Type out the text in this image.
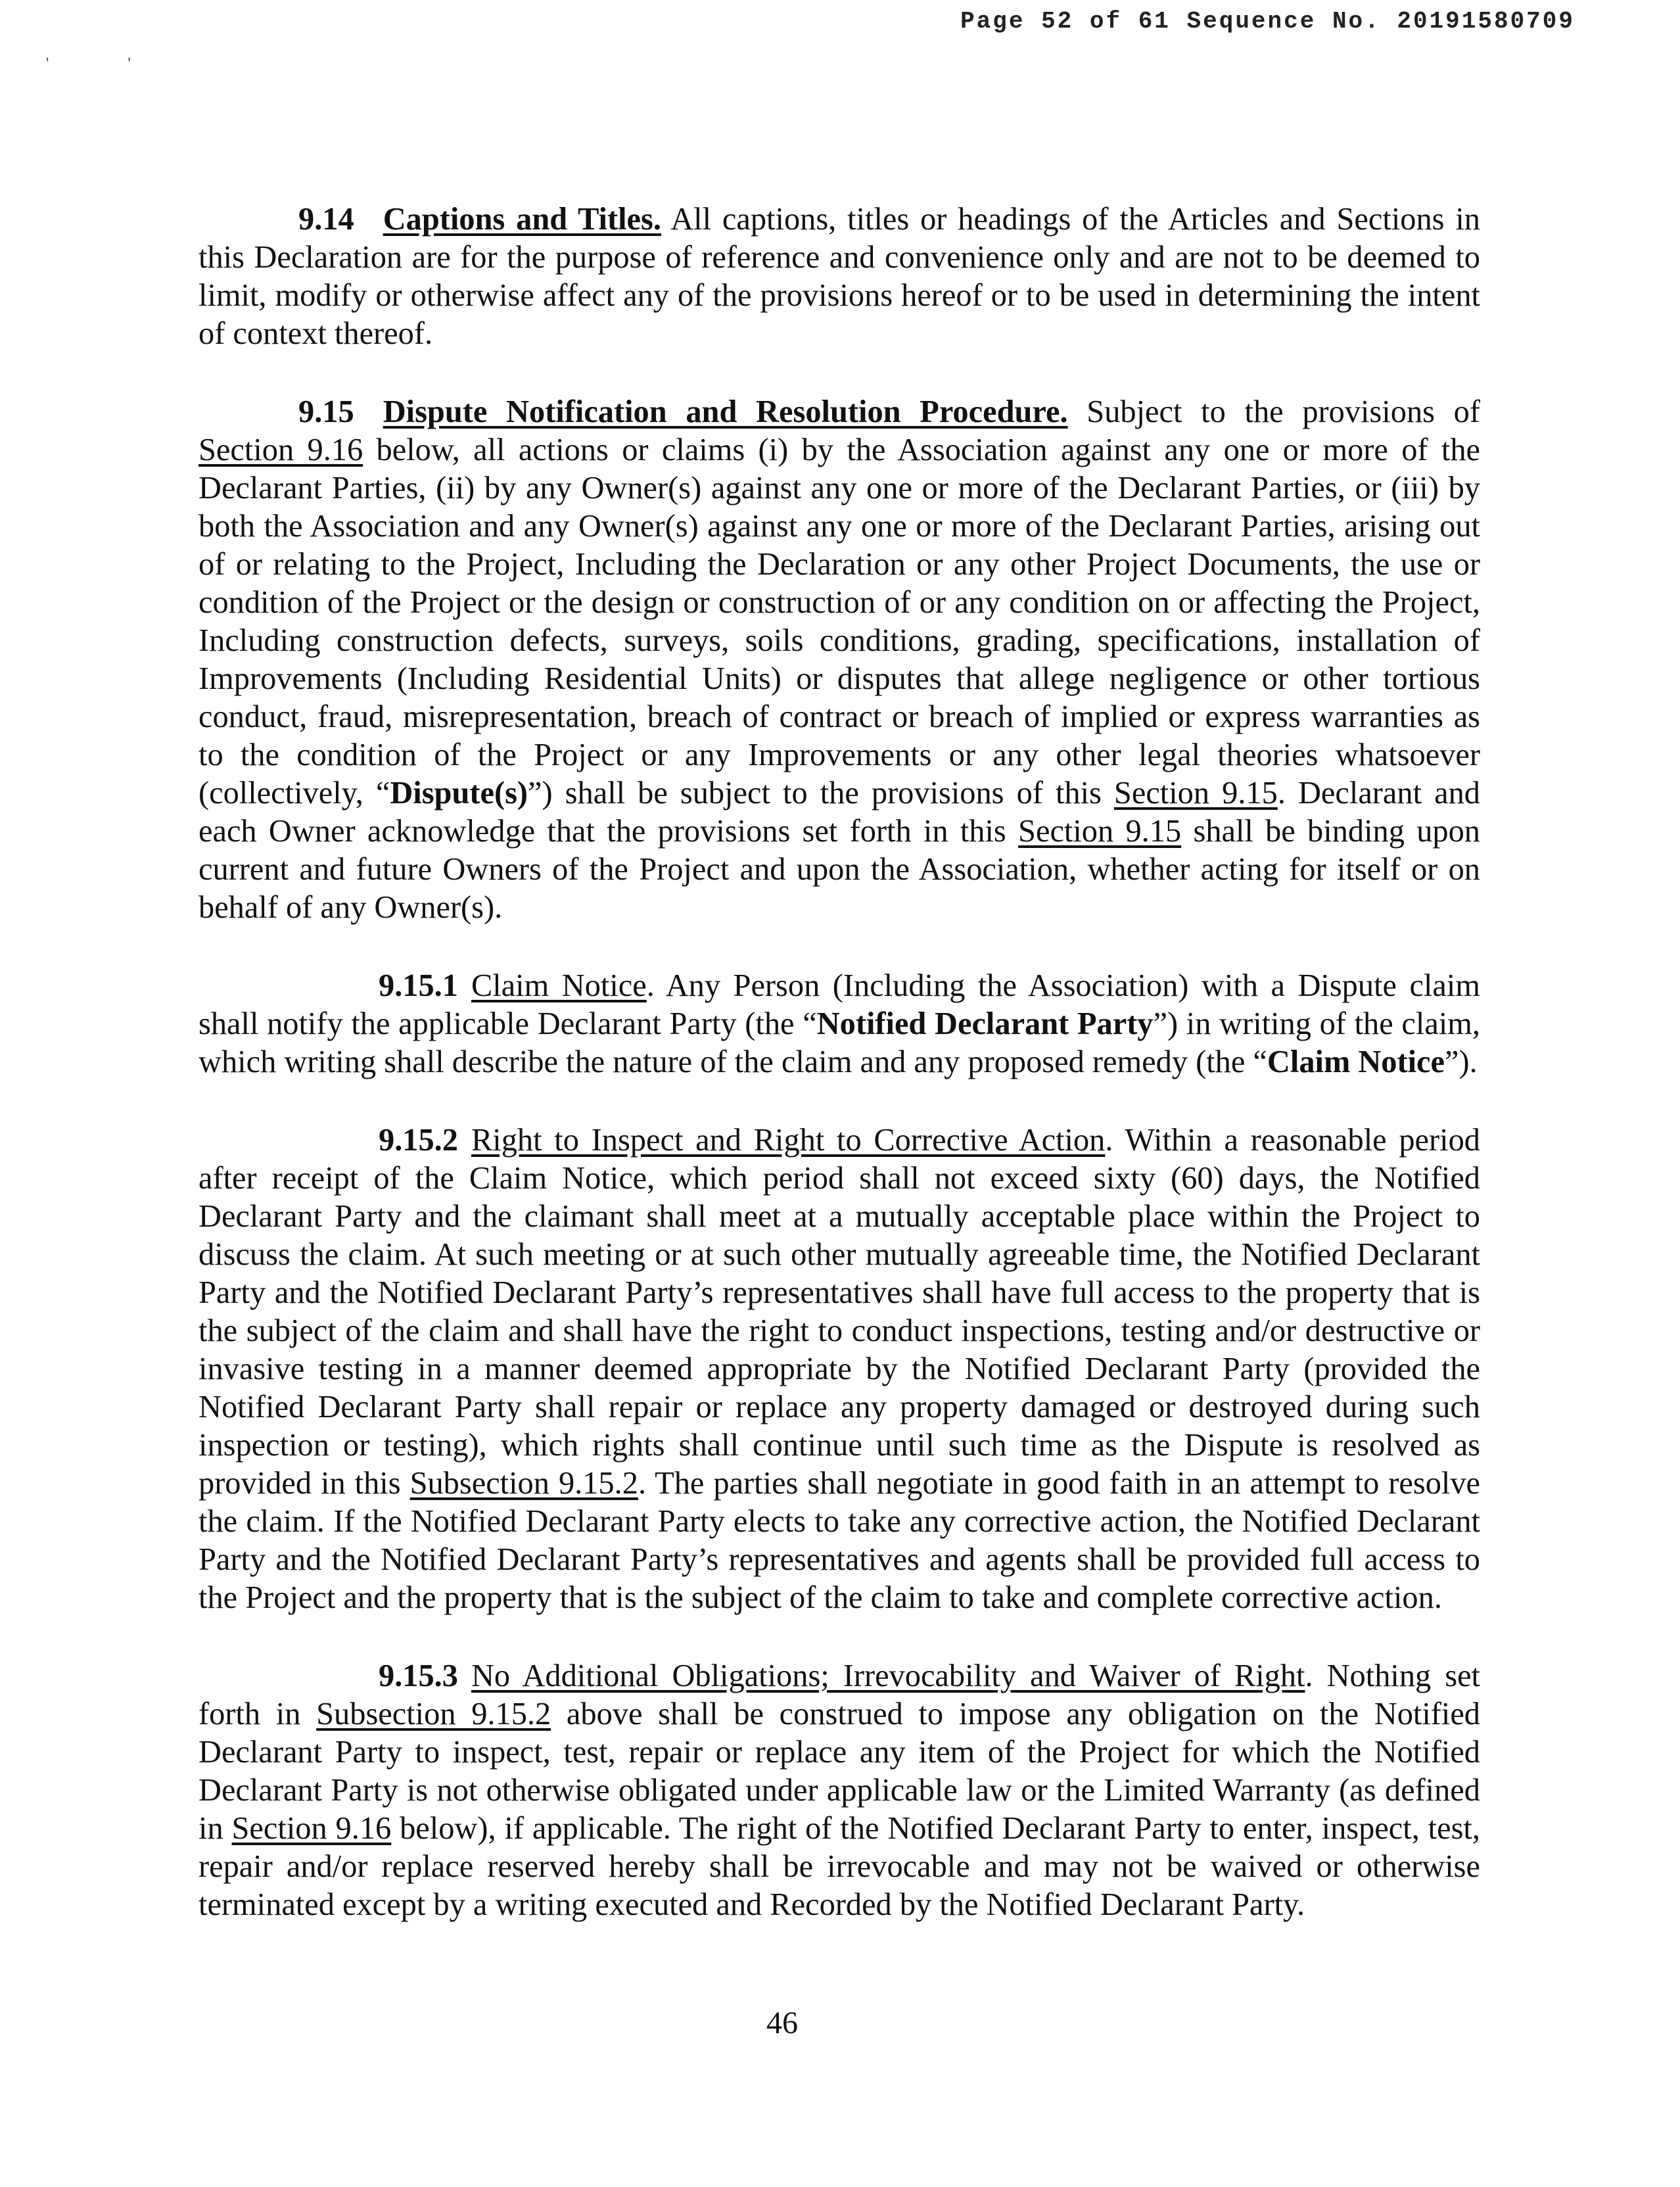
Page 52 of 61 Sequence No. 20191580709
''

9.14 Captions and Titles. All captions, titles or headings of the Articles and Sections in this Declaration are for the purpose of reference and convenience only and are not to be deemed to limit, modify or otherwise affect any of the provisions hereof or to be used in determining the intent of context thereof.

9.15 Dispute Notification and Resolution Procedure. Subject to the provisions of Section 9.16 below, all actions or claims (i) by the Association against any one or more of the Declarant Parties, (ii) by any Owner(s) against any one or more of the Declarant Parties, or (iii) by both the Association and any Owner(s) against any one or more of the Declarant Parties, arising out of or relating to the Project, Including the Declaration or any other Project Documents, the use or condition of the Project or the design or construction of or any condition on or affecting the Project, Including construction defects, surveys, soils conditions, grading, specifications, installation of Improvements (Including Residential Units) or disputes that allege negligence or other tortious conduct, fraud, misrepresentation, breach of contract or breach of implied or express warranties as to the condition of the Project or any Improvements or any other legal theories whatsoever (collectively, “Dispute(s)”) shall be subject to the provisions of this Section 9.15. Declarant and each Owner acknowledge that the provisions set forth in this Section 9.15 shall be binding upon current and future Owners of the Project and upon the Association, whether acting for itself or on behalf of any Owner(s).

9.15.1 Claim Notice. Any Person (Including the Association) with a Dispute claim shall notify the applicable Declarant Party (the “Notified Declarant Party”) in writing of the claim, which writing shall describe the nature of the claim and any proposed remedy (the “Claim Notice”).

9.15.2 Right to Inspect and Right to Corrective Action. Within a reasonable period after receipt of the Claim Notice, which period shall not exceed sixty (60) days, the Notified Declarant Party and the claimant shall meet at a mutually acceptable place within the Project to discuss the claim. At such meeting or at such other mutually agreeable time, the Notified Declarant Party and the Notified Declarant Party’s representatives shall have full access to the property that is the subject of the claim and shall have the right to conduct inspections, testing and/or destructive or invasive testing in a manner deemed appropriate by the Notified Declarant Party (provided the Notified Declarant Party shall repair or replace any property damaged or destroyed during such inspection or testing), which rights shall continue until such time as the Dispute is resolved as provided in this Subsection 9.15.2. The parties shall negotiate in good faith in an attempt to resolve the claim. If the Notified Declarant Party elects to take any corrective action, the Notified Declarant Party and the Notified Declarant Party’s representatives and agents shall be provided full access to the Project and the property that is the subject of the claim to take and complete corrective action.

9.15.3 No Additional Obligations; Irrevocability and Waiver of Right. Nothing set forth in Subsection 9.15.2 above shall be construed to impose any obligation on the Notified Declarant Party to inspect, test, repair or replace any item of the Project for which the Notified Declarant Party is not otherwise obligated under applicable law or the Limited Warranty (as defined in Section 9.16 below), if applicable. The right of the Notified Declarant Party to enter, inspect, test, repair and/or replace reserved hereby shall be irrevocable and may not be waived or otherwise terminated except by a writing executed and Recorded by the Notified Declarant Party.

46
